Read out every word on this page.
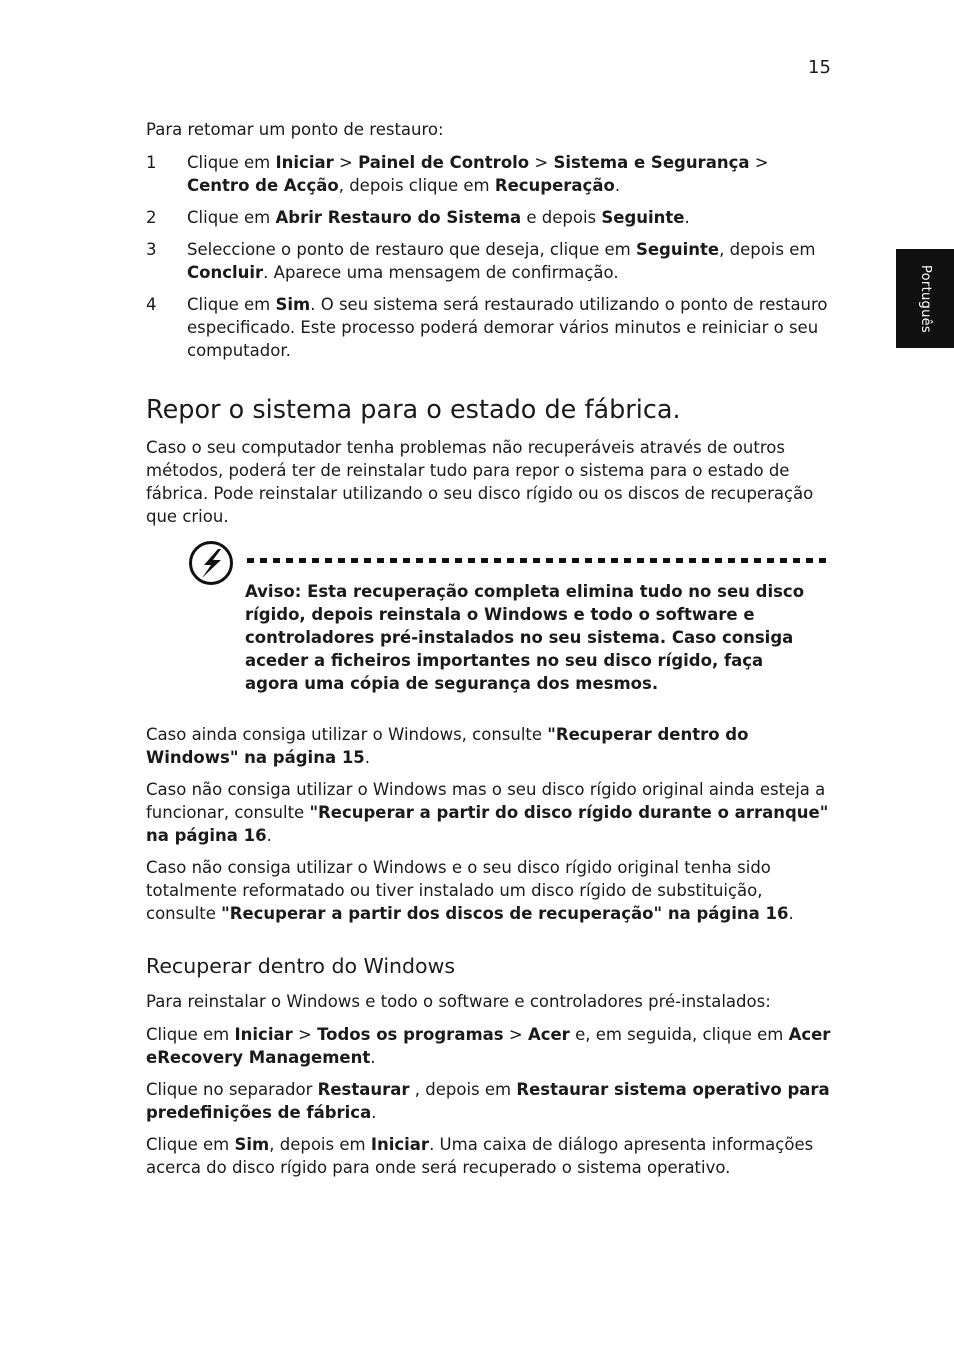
15
Português

Para retomar um ponto de restauro:

1	Clique em Iniciar > Painel de Controlo > Sistema e Segurança > Centro de Acção, depois clique em Recuperação.
2	Clique em Abrir Restauro do Sistema e depois Seguinte.
3	Seleccione o ponto de restauro que deseja, clique em Seguinte, depois em Concluir. Aparece uma mensagem de confirmação.
4	Clique em Sim. O seu sistema será restaurado utilizando o ponto de restauro especificado. Este processo poderá demorar vários minutos e reiniciar o seu computador.
Repor o sistema para o estado de fábrica.

Caso o seu computador tenha problemas não recuperáveis através de outros métodos, poderá ter de reinstalar tudo para repor o sistema para o estado de fábrica. Pode reinstalar utilizando o seu disco rígido ou os discos de recuperação que criou.

Aviso: Esta recuperação completa elimina tudo no seu disco rígido, depois reinstala o Windows e todo o software e controladores pré-instalados no seu sistema. Caso consiga aceder a ficheiros importantes no seu disco rígido, faça agora uma cópia de segurança dos mesmos.

Caso ainda consiga utilizar o Windows, consulte "Recuperar dentro do Windows" na página 15.

Caso não consiga utilizar o Windows mas o seu disco rígido original ainda esteja a funcionar, consulte "Recuperar a partir do disco rígido durante o arranque" na página 16.

Caso não consiga utilizar o Windows e o seu disco rígido original tenha sido totalmente reformatado ou tiver instalado um disco rígido de substituição, consulte "Recuperar a partir dos discos de recuperação" na página 16.

Recuperar dentro do Windows

Para reinstalar o Windows e todo o software e controladores pré-instalados:

Clique em Iniciar > Todos os programas > Acer e, em seguida, clique em Acer eRecovery Management.

Clique no separador Restaurar , depois em Restaurar sistema operativo para predefinições de fábrica.

Clique em Sim, depois em Iniciar. Uma caixa de diálogo apresenta informações acerca do disco rígido para onde será recuperado o sistema operativo.
